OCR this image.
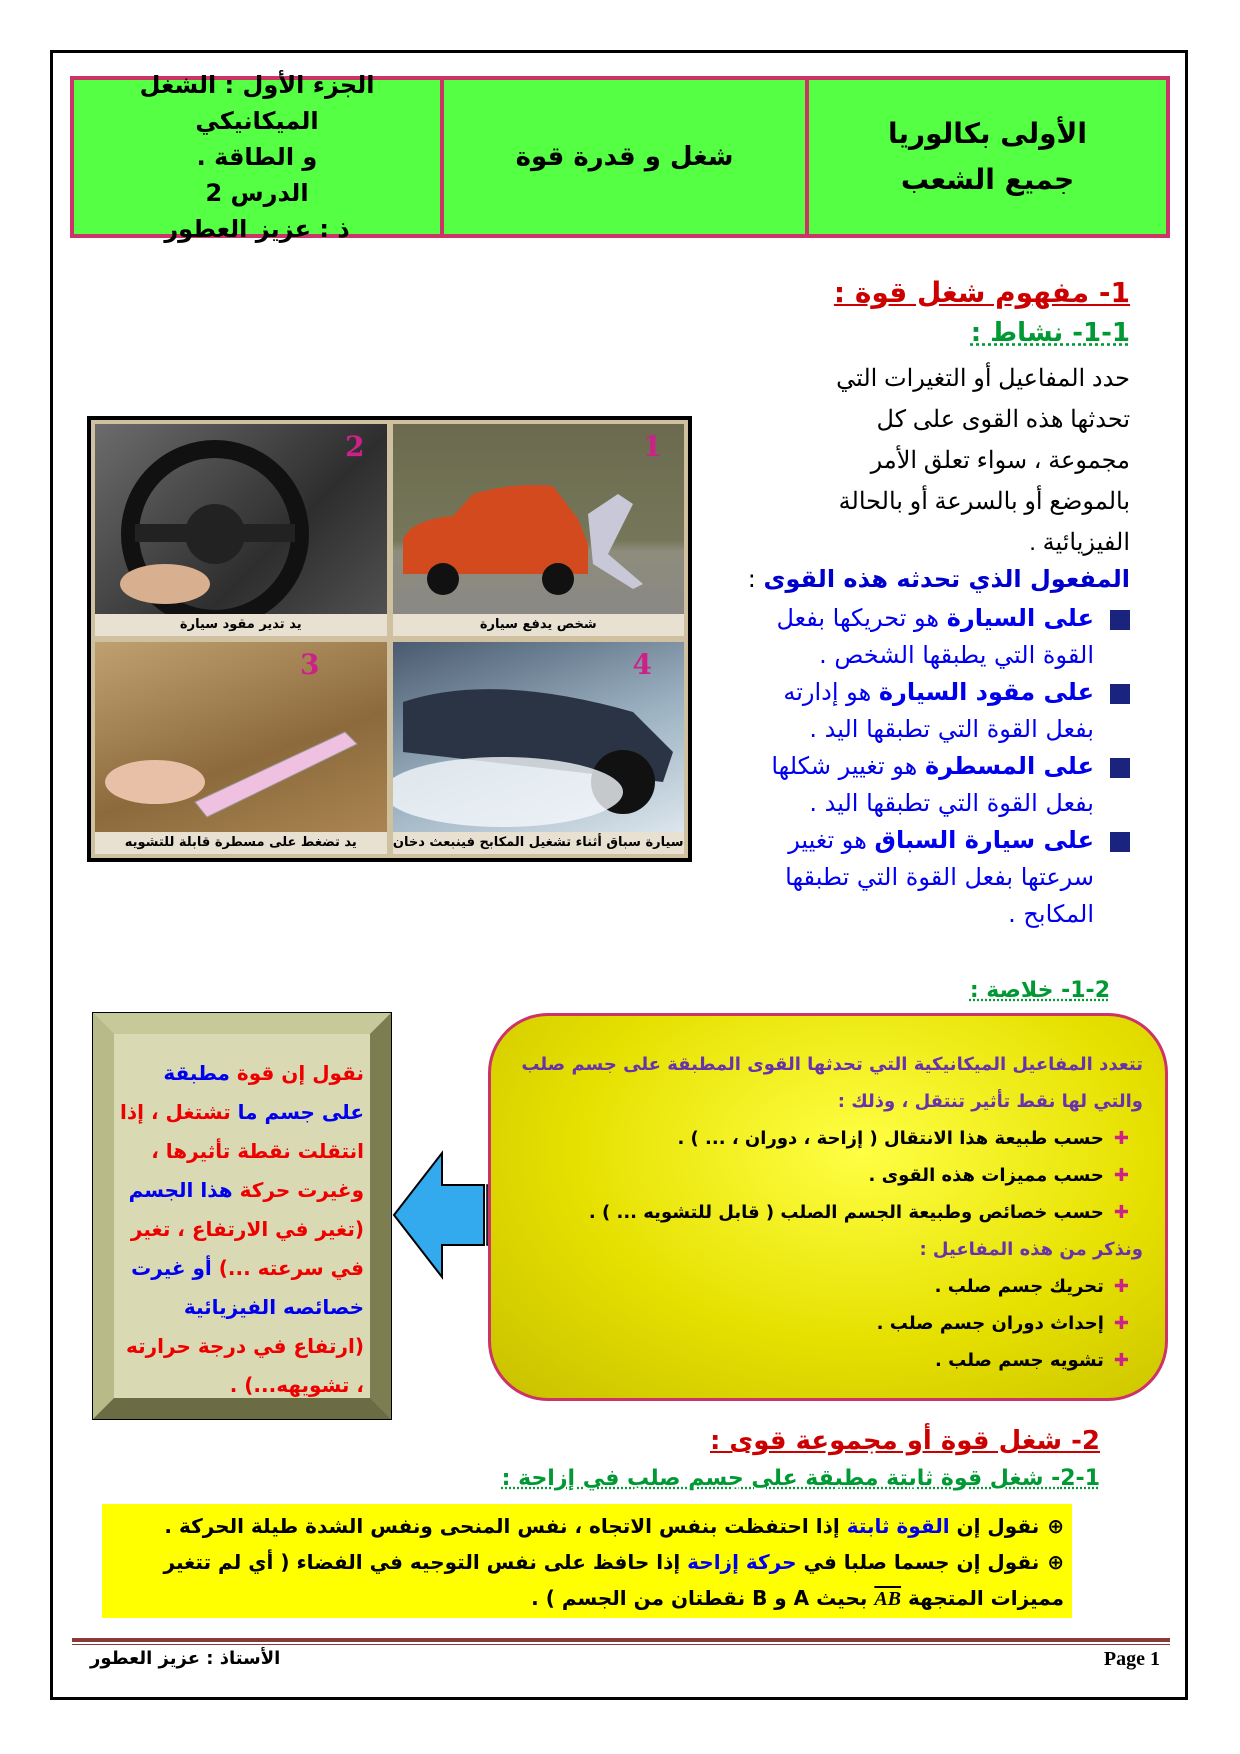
الجزء الأول : الشغل الميكانيكي
و الطاقة .
الدرس 2
ذ : عزيز العطور
شغل و قدرة قوة
الأولى بكالوريا
جميع الشعب
1- مفهوم شغل قوة :
1-1- نشاط :
حدد المفاعيل أو التغيرات التي تحدثها هذه القوى على كل مجموعة ، سواء تعلق الأمر بالموضع أو بالسرعة أو بالحالة الفيزيائية .
المفعول الذي تحدثه هذه القوى :
على السيارة هو تحريكها بفعل القوة التي يطبقها الشخص .
على مقود السيارة هو إدارته بفعل القوة التي تطبقها اليد .
على المسطرة هو تغيير شكلها بفعل القوة التي تطبقها اليد .
على سيارة السباق هو تغيير سرعتها بفعل القوة التي تطبقها المكابح .
2
يد تدير مقود سيارة
1
شخص يدفع سيارة
3
يد تضغط على مسطرة قابلة للتشويه
4
سيارة سباق أثناء تشغيل المكابح فينبعث دخان
1-2- خلاصة :
نقول إن قوة مطبقة على جسم ما تشتغل ، إذا انتقلت نقطة تأثيرها ، وغيرت حركة هذا الجسم (تغير في الارتفاع ، تغير في سرعته ...) أو غيرت خصائصه الفيزيائية (ارتفاع في درجة حرارته ، تشويهه...) .
تتعدد المفاعيل الميكانيكية التي تحدثها القوى المطبقة على جسم صلب والتي لها نقط تأثير تنتقل ، وذلك :
✚حسب طبيعة هذا الانتقال ( إزاحة ، دوران ، ... ) .
✚حسب مميزات هذه القوى .
✚حسب خصائص وطبيعة الجسم الصلب ( قابل للتشويه ... ) .
ونذكر من هذه المفاعيل :
✚تحريك جسم صلب .
✚إحداث دوران جسم صلب .
✚تشويه جسم صلب .
2- شغل قوة أو مجموعة قوى :
2-1- شغل قوة ثابتة مطبقة على جسم صلب في إزاحة :
⊕نقول إن القوة ثابتة إذا احتفظت بنفس الاتجاه ، نفس المنحى ونفس الشدة طيلة الحركة .
⊕نقول إن جسما صلبا في حركة إزاحة إذا حافظ على نفس التوجيه في الفضاء ( أي لم تتغير مميزات المتجهة AB بحيث A و B نقطتان من الجسم ) .
الأستاذ : عزيز العطور	Page 1
